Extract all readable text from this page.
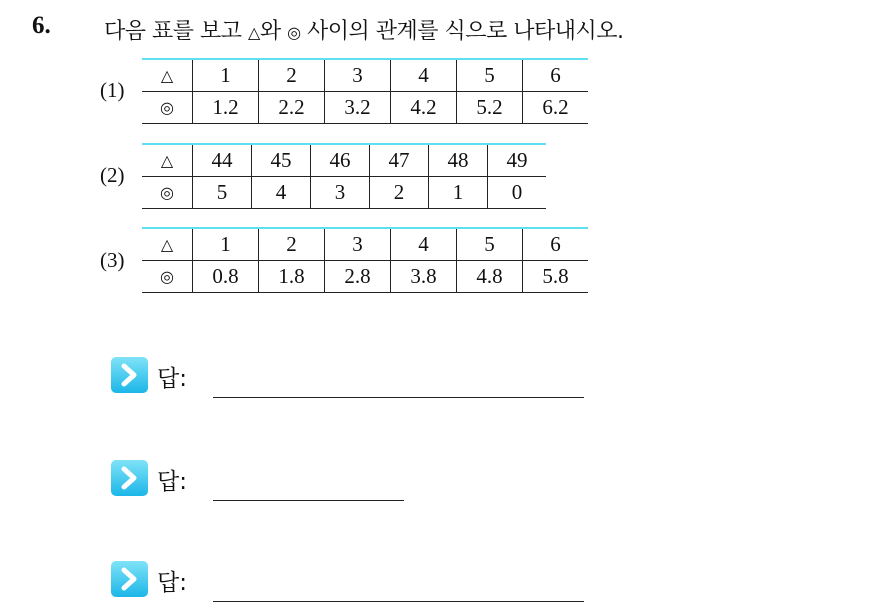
6. 다음 표를 보고 △와 ◎ 사이의 관계를 식으로 나타내시오.
(1)
△	1	2	3	4	5	6
◎	1.2	2.2	3.2	4.2	5.2	6.2
(2)
△	44	45	46	47	48	49
◎	5	4	3	2	1	0
(3)
△	1	2	3	4	5	6
◎	0.8	1.8	2.8	3.8	4.8	5.8
답:
답:
답:
